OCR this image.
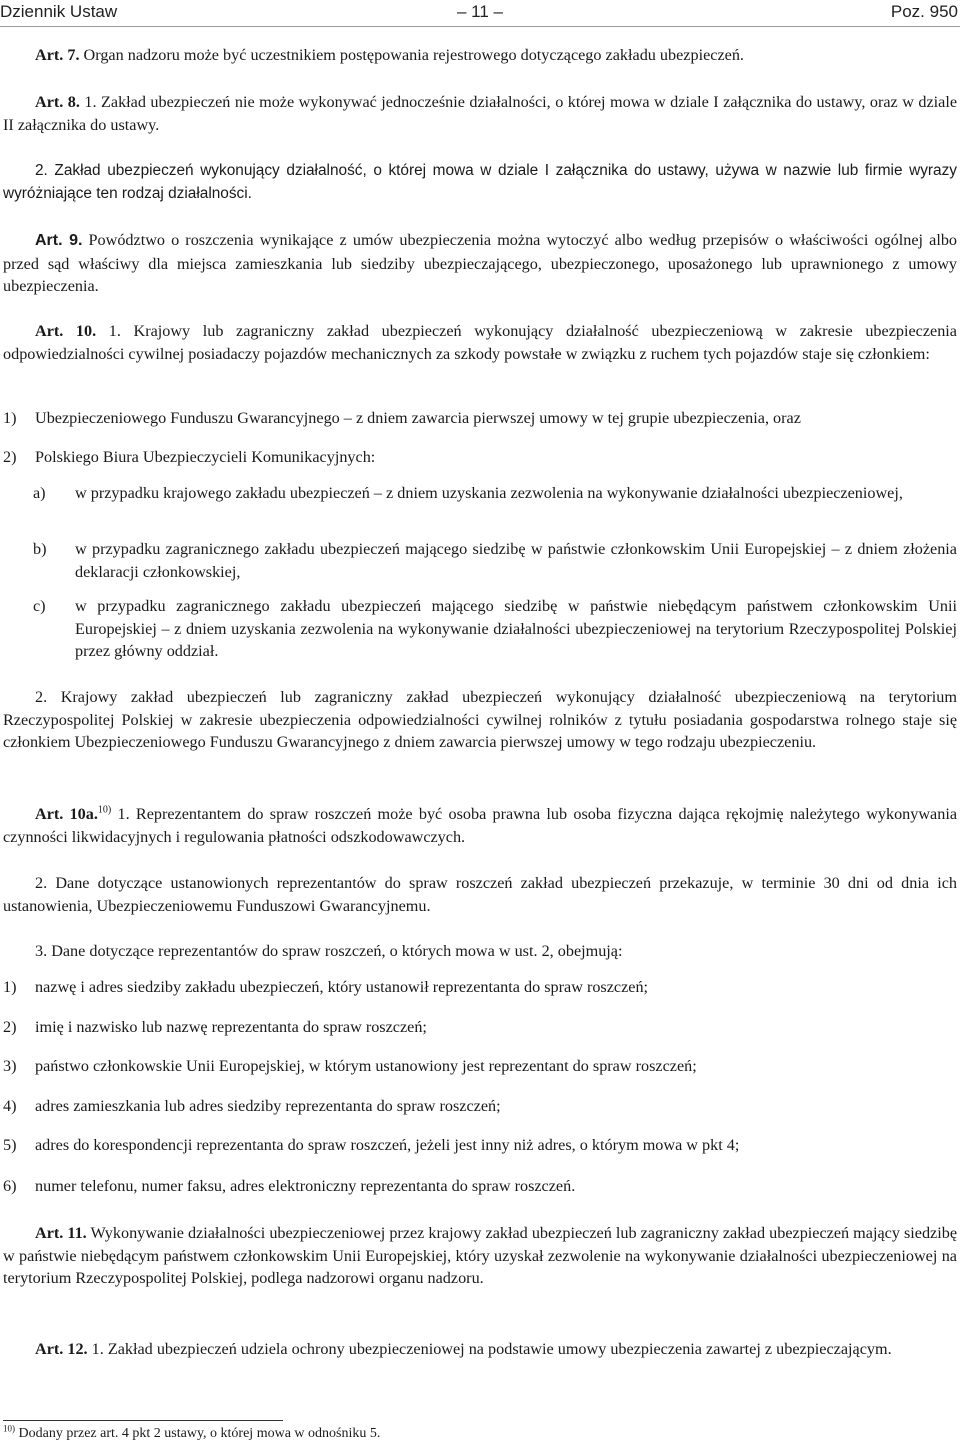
Dziennik Ustaw	– 11 –	Poz. 950

Art. 7. Organ nadzoru może być uczestnikiem postępowania rejestrowego dotyczącego zakładu ubezpieczeń.

Art. 8. 1. Zakład ubezpieczeń nie może wykonywać jednocześnie działalności, o której mowa w dziale I załącznika do ustawy, oraz w dziale II załącznika do ustawy.

2. Zakład ubezpieczeń wykonujący działalność, o której mowa w dziale I załącznika do ustawy, używa w nazwie lub firmie wyrazy wyróżniające ten rodzaj działalności.

Art. 9. Powództwo o roszczenia wynikające z umów ubezpieczenia można wytoczyć albo według przepisów o właściwości ogólnej albo przed sąd właściwy dla miejsca zamieszkania lub siedziby ubezpieczającego, ubezpieczonego, uposażonego lub uprawnionego z umowy ubezpieczenia.

Art. 10. 1. Krajowy lub zagraniczny zakład ubezpieczeń wykonujący działalność ubezpieczeniową w zakresie ubezpieczenia odpowiedzialności cywilnej posiadaczy pojazdów mechanicznych za szkody powstałe w związku z ruchem tych pojazdów staje się członkiem:

1) Ubezpieczeniowego Funduszu Gwarancyjnego – z dniem zawarcia pierwszej umowy w tej grupie ubezpieczenia, oraz
2) Polskiego Biura Ubezpieczycieli Komunikacyjnych:
a) w przypadku krajowego zakładu ubezpieczeń – z dniem uzyskania zezwolenia na wykonywanie działalności ubezpieczeniowej,
b) w przypadku zagranicznego zakładu ubezpieczeń mającego siedzibę w państwie członkowskim Unii Europejskiej – z dniem złożenia deklaracji członkowskiej,
c) w przypadku zagranicznego zakładu ubezpieczeń mającego siedzibę w państwie niebędącym państwem członkowskim Unii Europejskiej – z dniem uzyskania zezwolenia na wykonywanie działalności ubezpieczeniowej na terytorium Rzeczypospolitej Polskiej przez główny oddział.

2. Krajowy zakład ubezpieczeń lub zagraniczny zakład ubezpieczeń wykonujący działalność ubezpieczeniową na terytorium Rzeczypospolitej Polskiej w zakresie ubezpieczenia odpowiedzialności cywilnej rolników z tytułu posiadania gospodarstwa rolnego staje się członkiem Ubezpieczeniowego Funduszu Gwarancyjnego z dniem zawarcia pierwszej umowy w tego rodzaju ubezpieczeniu.

Art. 10a.$^{10)}$ 1. Reprezentantem do spraw roszczeń może być osoba prawna lub osoba fizyczna dająca rękojmię należytego wykonywania czynności likwidacyjnych i regulowania płatności odszkodowawczych.

2. Dane dotyczące ustanowionych reprezentantów do spraw roszczeń zakład ubezpieczeń przekazuje, w terminie 30 dni od dnia ich ustanowienia, Ubezpieczeniowemu Funduszowi Gwarancyjnemu.

3. Dane dotyczące reprezentantów do spraw roszczeń, o których mowa w ust. 2, obejmują:

1) nazwę i adres siedziby zakładu ubezpieczeń, który ustanowił reprezentanta do spraw roszczeń;
2) imię i nazwisko lub nazwę reprezentanta do spraw roszczeń;
3) państwo członkowskie Unii Europejskiej, w którym ustanowiony jest reprezentant do spraw roszczeń;
4) adres zamieszkania lub adres siedziby reprezentanta do spraw roszczeń;
5) adres do korespondencji reprezentanta do spraw roszczeń, jeżeli jest inny niż adres, o którym mowa w pkt 4;
6) numer telefonu, numer faksu, adres elektroniczny reprezentanta do spraw roszczeń.

Art. 11. Wykonywanie działalności ubezpieczeniowej przez krajowy zakład ubezpieczeń lub zagraniczny zakład ubezpieczeń mający siedzibę w państwie niebędącym państwem członkowskim Unii Europejskiej, który uzyskał zezwolenie na wykonywanie działalności ubezpieczeniowej na terytorium Rzeczypospolitej Polskiej, podlega nadzorowi organu nadzoru.

Art. 12. 1. Zakład ubezpieczeń udziela ochrony ubezpieczeniowej na podstawie umowy ubezpieczenia zawartej z ubezpieczającym.

$^{10)}$ Dodany przez art. 4 pkt 2 ustawy, o której mowa w odnośniku 5.
